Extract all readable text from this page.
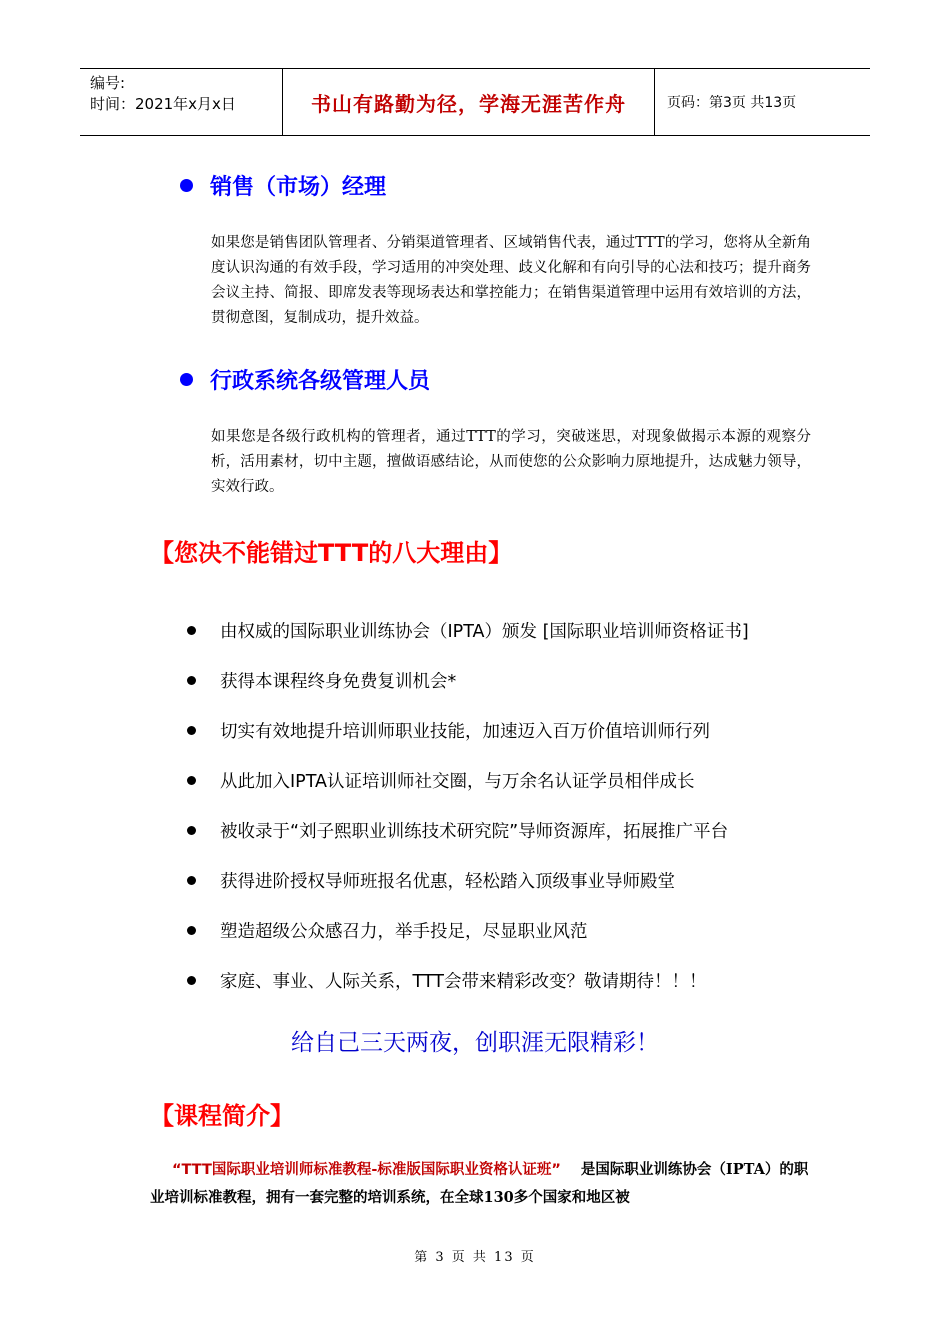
编号:
时间：2021年x月x日	书山有路勤为径，学海无涯苦作舟	页码：第3页 共13页
销售（市场）经理
如果您是销售团队管理者、分销渠道管理者、区域销售代表，通过TTT的学习，您将从全新角度认识沟通的有效手段，学习适用的冲突处理、歧义化解和有向引导的心法和技巧；提升商务会议主持、简报、即席发表等现场表达和掌控能力；在销售渠道管理中运用有效培训的方法，贯彻意图，复制成功，提升效益。
行政系统各级管理人员
如果您是各级行政机构的管理者，通过TTT的学习，突破迷思，对现象做揭示本源的观察分析，活用素材，切中主题，擅做语感结论，从而使您的公众影响力原地提升，达成魅力领导，实效行政。
【您决不能错过TTT的八大理由】
由权威的国际职业训练协会（IPTA）颁发 [国际职业培训师资格证书]
获得本课程终身免费复训机会*
切实有效地提升培训师职业技能，加速迈入百万价值培训师行列
从此加入IPTA认证培训师社交圈，与万余名认证学员相伴成长
被收录于“刘子熙职业训练技术研究院”导师资源库，拓展推广平台
获得进阶授权导师班报名优惠，轻松踏入顶级事业导师殿堂
塑造超级公众感召力，举手投足，尽显职业风范
家庭、事业、人际关系，TTT会带来精彩改变？敬请期待！！！
给自己三天两夜，创职涯无限精彩！
【课程简介】
“TTT国际职业培训师标准教程-标准版国际职业资格认证班” 是国际职业训练协会（IPTA）的职业培训标准教程，拥有一套完整的培训系统，在全球130多个国家和地区被
第 3 页 共 13 页
